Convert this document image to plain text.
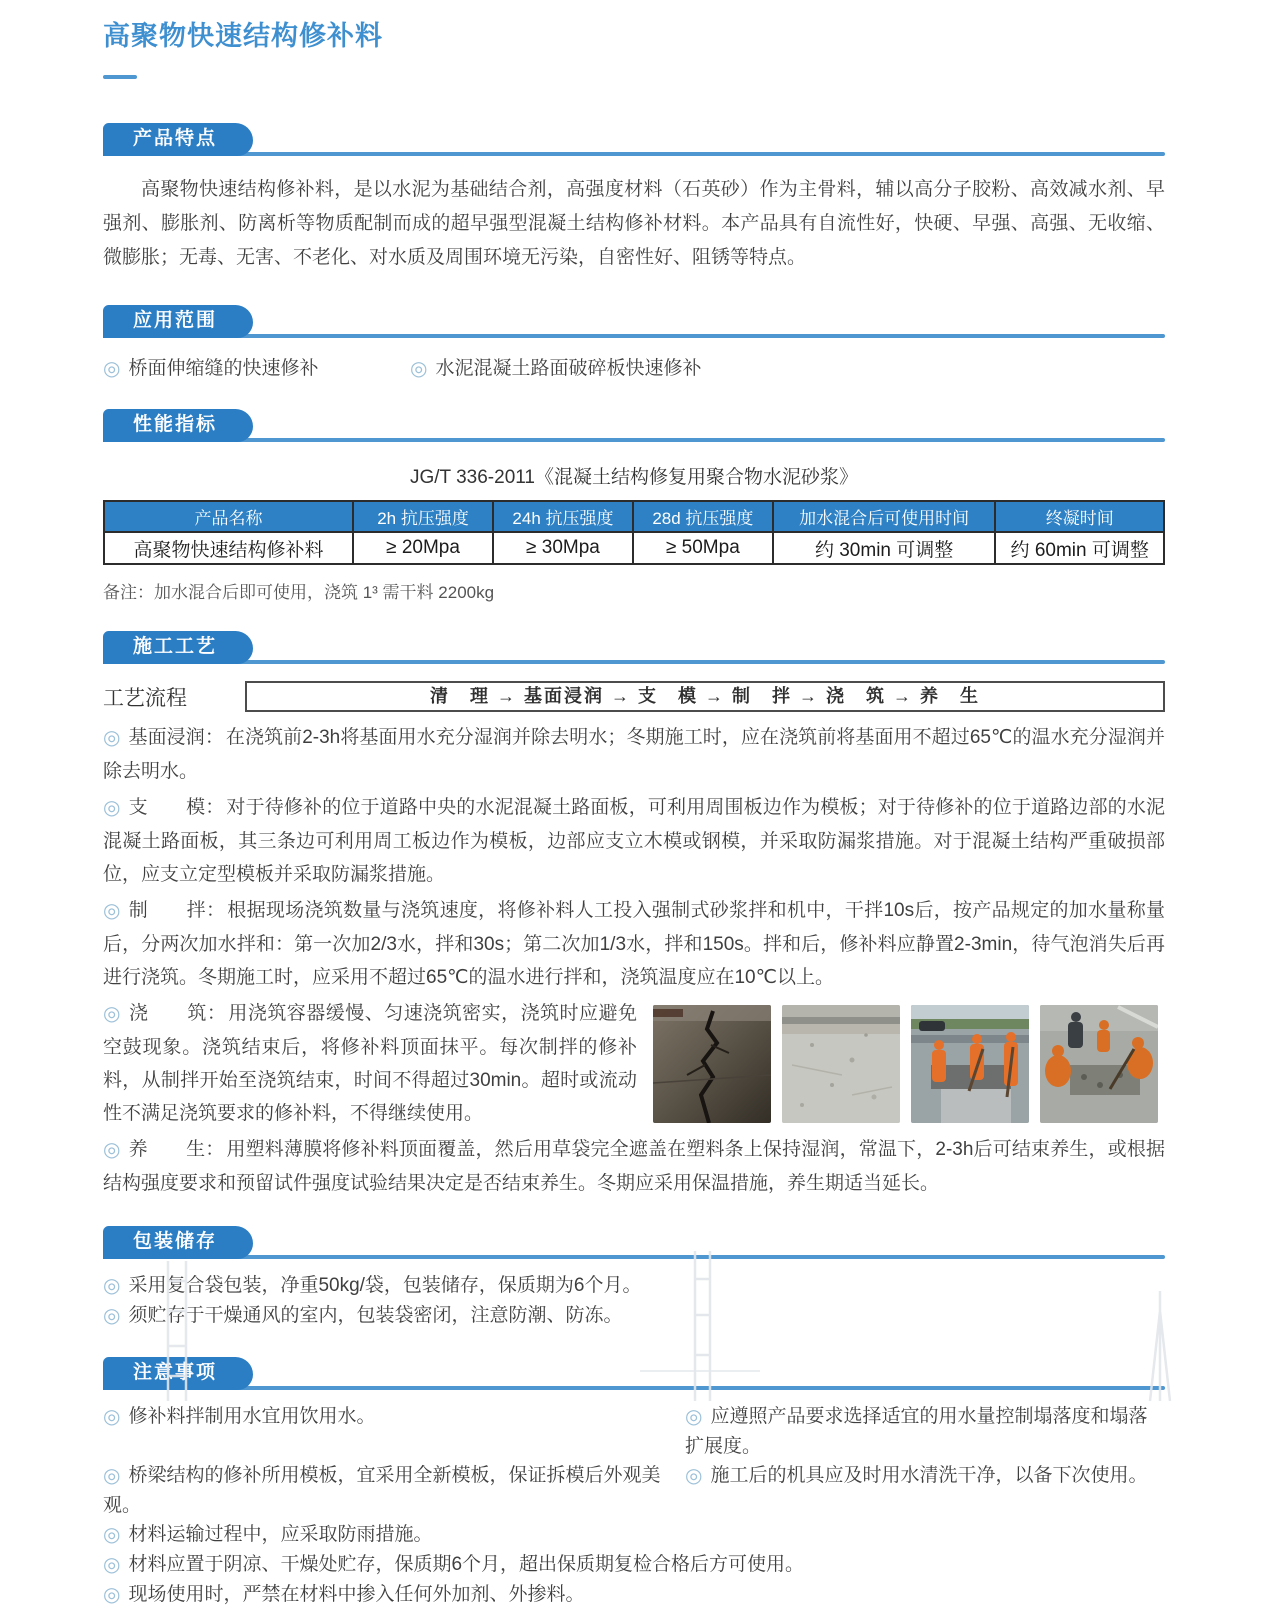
高聚物快速结构修补料
产品特点

高聚物快速结构修补料，是以水泥为基础结合剂，高强度材料（石英砂）作为主骨料，辅以高分子胶粉、高效减水剂、早强剂、膨胀剂、防离析等物质配制而成的超早强型混凝土结构修补材料。本产品具有自流性好，快硬、早强、高强、无收缩、微膨胀；无毒、无害、不老化、对水质及周围环境无污染，自密性好、阻锈等特点。

应用范围
◎ 桥面伸缩缝的快速修补	◎ 水泥混凝土路面破碎板快速修补
性能指标
JG/T 336-2011《混凝土结构修复用聚合物水泥砂浆》
产品名称	2h 抗压强度	24h 抗压强度	28d 抗压强度	加水混合后可使用时间	终凝时间
高聚物快速结构修补料	≥ 20Mpa	≥ 30Mpa	≥ 50Mpa	约 30min 可调整	约 60min 可调整
备注：加水混合后即可使用，浇筑 1³ 需干料 2200kg
施工工艺
工艺流程	清　理 → 基面浸润 → 支　模 → 制　拌 → 浇　筑 → 养　生

◎ 基面浸润： 在浇筑前2-3h将基面用水充分湿润并除去明水；冬期施工时，应在浇筑前将基面用不超过65℃的温水充分湿润并除去明水。

◎ 支　　模： 对于待修补的位于道路中央的水泥混凝土路面板，可利用周围板边作为模板；对于待修补的位于道路边部的水泥混凝土路面板，其三条边可利用周工板边作为模板，边部应支立木模或钢模，并采取防漏浆措施。对于混凝土结构严重破损部位，应支立定型模板并采取防漏浆措施。

◎ 制　　拌： 根据现场浇筑数量与浇筑速度，将修补料人工投入强制式砂浆拌和机中，干拌10s后，按产品规定的加水量称量后，分两次加水拌和：第一次加2/3水，拌和30s；第二次加1/3水，拌和150s。拌和后，修补料应静置2-3min，待气泡消失后再进行浇筑。冬期施工时，应采用不超过65℃的温水进行拌和，浇筑温度应在10℃以上。

◎ 浇　　筑： 用浇筑容器缓慢、匀速浇筑密实，浇筑时应避免空鼓现象。浇筑结束后，将修补料顶面抹平。每次制拌的修补料，从制拌开始至浇筑结束，时间不得超过30min。超时或流动性不满足浇筑要求的修补料，不得继续使用。

◎ 养　　生： 用塑料薄膜将修补料顶面覆盖，然后用草袋完全遮盖在塑料条上保持湿润，常温下，2-3h后可结束养生，或根据结构强度要求和预留试件强度试验结果决定是否结束养生。冬期应采用保温措施，养生期适当延长。

包装储存
◎ 采用复合袋包装，净重50kg/袋，包装储存，保质期为6个月。
◎ 须贮存于干燥通风的室内，包装袋密闭，注意防潮、防冻。
注意事项
◎ 修补料拌制用水宜用饮用水。	◎ 应遵照产品要求选择适宜的用水量控制塌落度和塌落扩展度。
◎ 桥梁结构的修补所用模板，宜采用全新模板，保证拆模后外观美观。
◎ 施工后的机具应及时用水清洗干净，以备下次使用。
◎ 材料运输过程中，应采取防雨措施。
◎ 材料应置于阴凉、干燥处贮存，保质期6个月，超出保质期复检合格后方可使用。
◎ 现场使用时，严禁在材料中掺入任何外加剂、外掺料。
